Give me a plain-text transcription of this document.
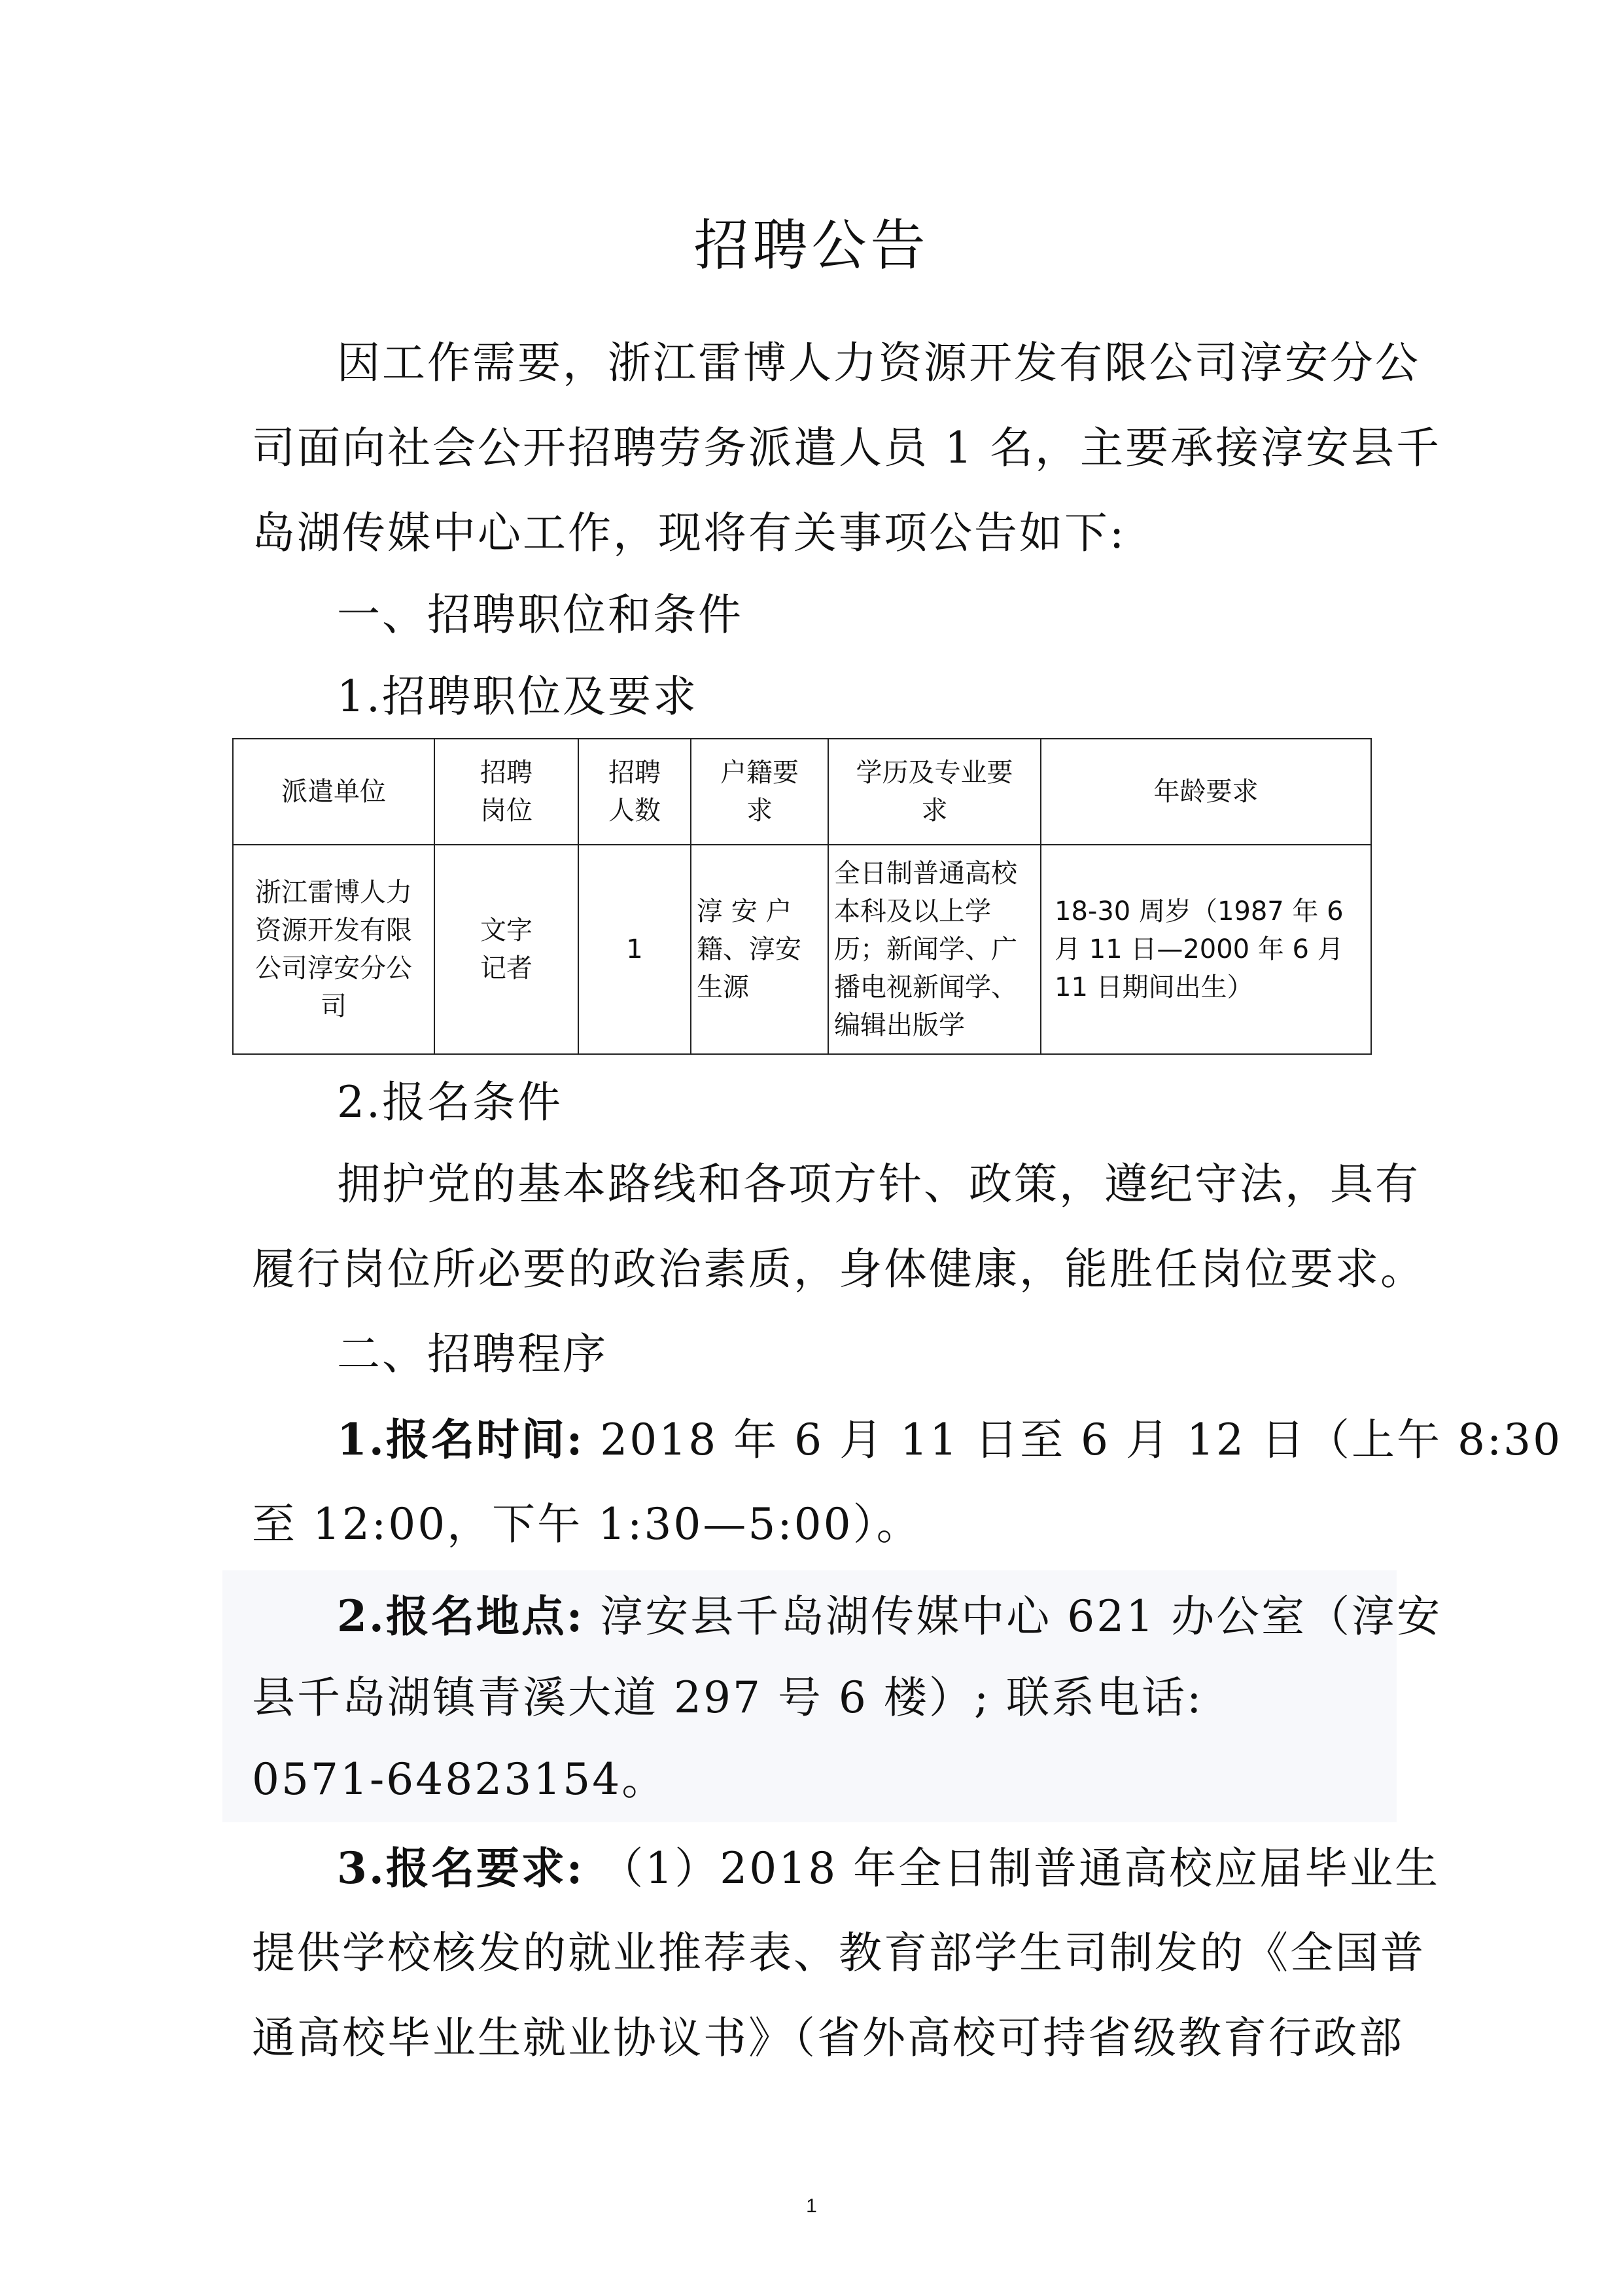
招聘公告
因工作需要，浙江雷博人力资源开发有限公司淳安分公
司面向社会公开招聘劳务派遣人员 1 名，主要承接淳安县千
岛湖传媒中心工作，现将有关事项公告如下:
一、招聘职位和条件
1.招聘职位及要求
派遣单位	招聘岗位	招聘人数	户籍要求	学历及专业要求	年龄要求
浙江雷博人力资源开发有限公司淳安分公司	文字记者	1	淳 安 户籍、淳安生源	全日制普通高校本科及以上学历；新闻学、广播电视新闻学、编辑出版学	18-30 周岁（1987 年 6 月 11 日—2000 年 6 月 11 日期间出生）
2.报名条件
拥护党的基本路线和各项方针、政策，遵纪守法，具有
履行岗位所必要的政治素质，身体健康，能胜任岗位要求。
二、招聘程序
1.报名时间: 2018 年 6 月 11 日至 6 月 12 日（上午 8:30
至 12:00，下午 1:30—5:00）。
2.报名地点: 淳安县千岛湖传媒中心 621 办公室（淳安
县千岛湖镇青溪大道 297 号 6 楼）; 联系电话:
0571-64823154。
3.报名要求: （1）2018 年全日制普通高校应届毕业生
提供学校核发的就业推荐表、教育部学生司制发的《全国普
通高校毕业生就业协议书》（省外高校可持省级教育行政部
1
